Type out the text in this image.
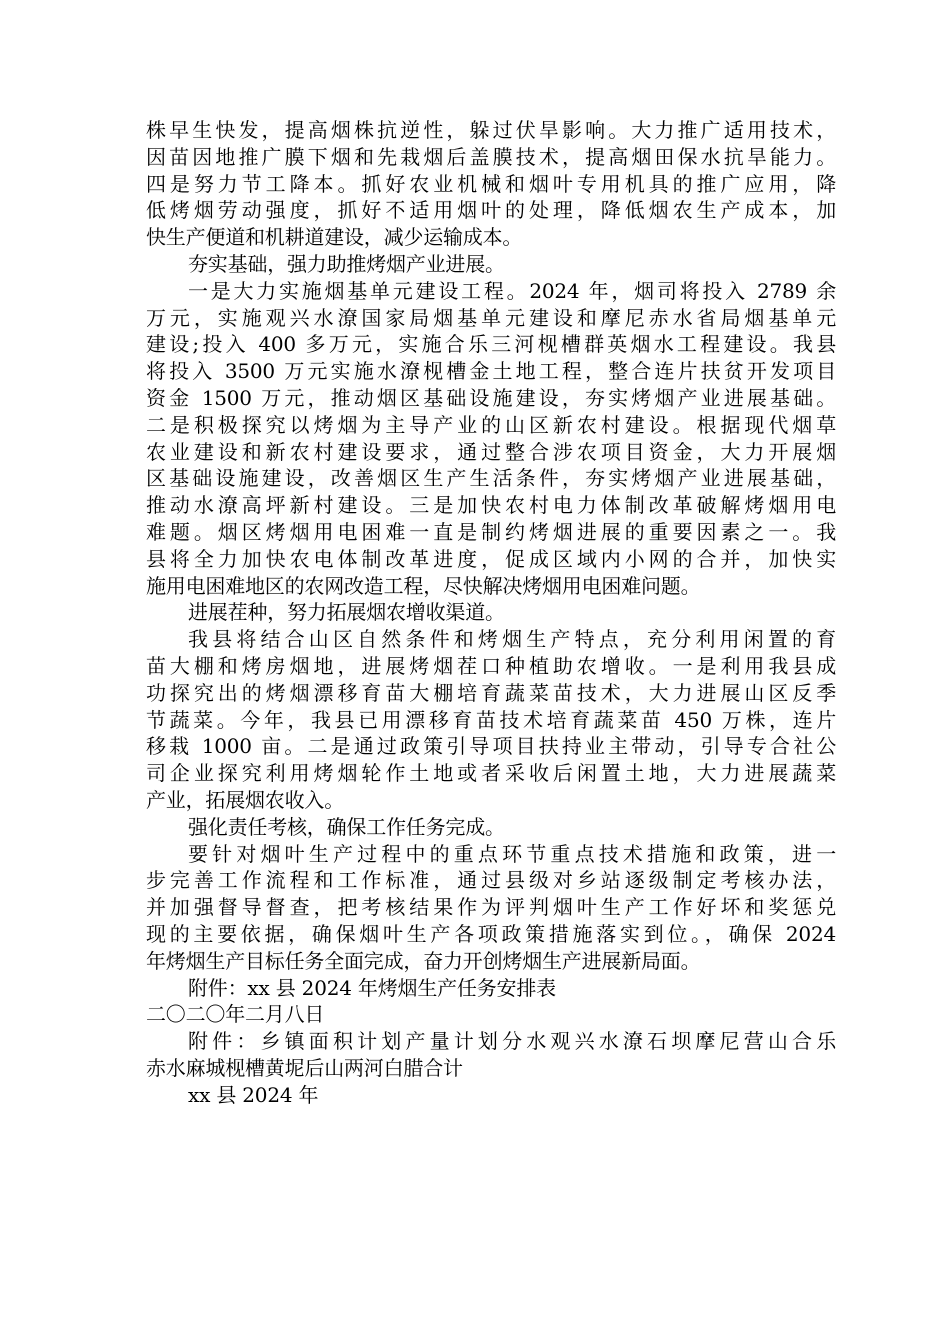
株早生快发，提高烟株抗逆性，躲过伏旱影响。大力推广适用技术，
因苗因地推广膜下烟和先栽烟后盖膜技术，提高烟田保水抗旱能力。
四是努力节工降本。抓好农业机械和烟叶专用机具的推广应用，降
低烤烟劳动强度，抓好不适用烟叶的处理，降低烟农生产成本，加
快生产便道和机耕道建设，减少运输成本。
夯实基础，强力助推烤烟产业进展。
一是大力实施烟基单元建设工程。2024 年，烟司将投入 2789 余
万元，实施观兴水潦国家局烟基单元建设和摩尼赤水省局烟基单元
建设;投入 400 多万元，实施合乐三河枧槽群英烟水工程建设。我县
将投入 3500 万元实施水潦枧槽金土地工程，整合连片扶贫开发项目
资金 1500 万元，推动烟区基础设施建设，夯实烤烟产业进展基础。
二是积极探究以烤烟为主导产业的山区新农村建设。根据现代烟草
农业建设和新农村建设要求，通过整合涉农项目资金，大力开展烟
区基础设施建设，改善烟区生产生活条件，夯实烤烟产业进展基础，
推动水潦高坪新村建设。三是加快农村电力体制改革破解烤烟用电
难题。烟区烤烟用电困难一直是制约烤烟进展的重要因素之一。我
县将全力加快农电体制改革进度，促成区域内小网的合并，加快实
施用电困难地区的农网改造工程，尽快解决烤烟用电困难问题。
进展茬种，努力拓展烟农增收渠道。
我县将结合山区自然条件和烤烟生产特点，充分利用闲置的育
苗大棚和烤房烟地，进展烤烟茬口种植助农增收。一是利用我县成
功探究出的烤烟漂移育苗大棚培育蔬菜苗技术，大力进展山区反季
节蔬菜。今年，我县已用漂移育苗技术培育蔬菜苗 450 万株，连片
移栽 1000 亩。二是通过政策引导项目扶持业主带动，引导专合社公
司企业探究利用烤烟轮作土地或者采收后闲置土地，大力进展蔬菜
产业，拓展烟农收入。
强化责任考核，确保工作任务完成。
要针对烟叶生产过程中的重点环节重点技术措施和政策，进一
步完善工作流程和工作标准，通过县级对乡站逐级制定考核办法，
并加强督导督查，把考核结果作为评判烟叶生产工作好坏和奖惩兑
现的主要依据，确保烟叶生产各项政策措施落实到位。，确保 2024
年烤烟生产目标任务全面完成，奋力开创烤烟生产进展新局面。
附件：xx 县 2024 年烤烟生产任务安排表
二〇二〇年二月八日
附件：乡镇面积计划产量计划分水观兴水潦石坝摩尼营山合乐
赤水麻城枧槽黄坭后山两河白腊合计
xx 县 2024 年
